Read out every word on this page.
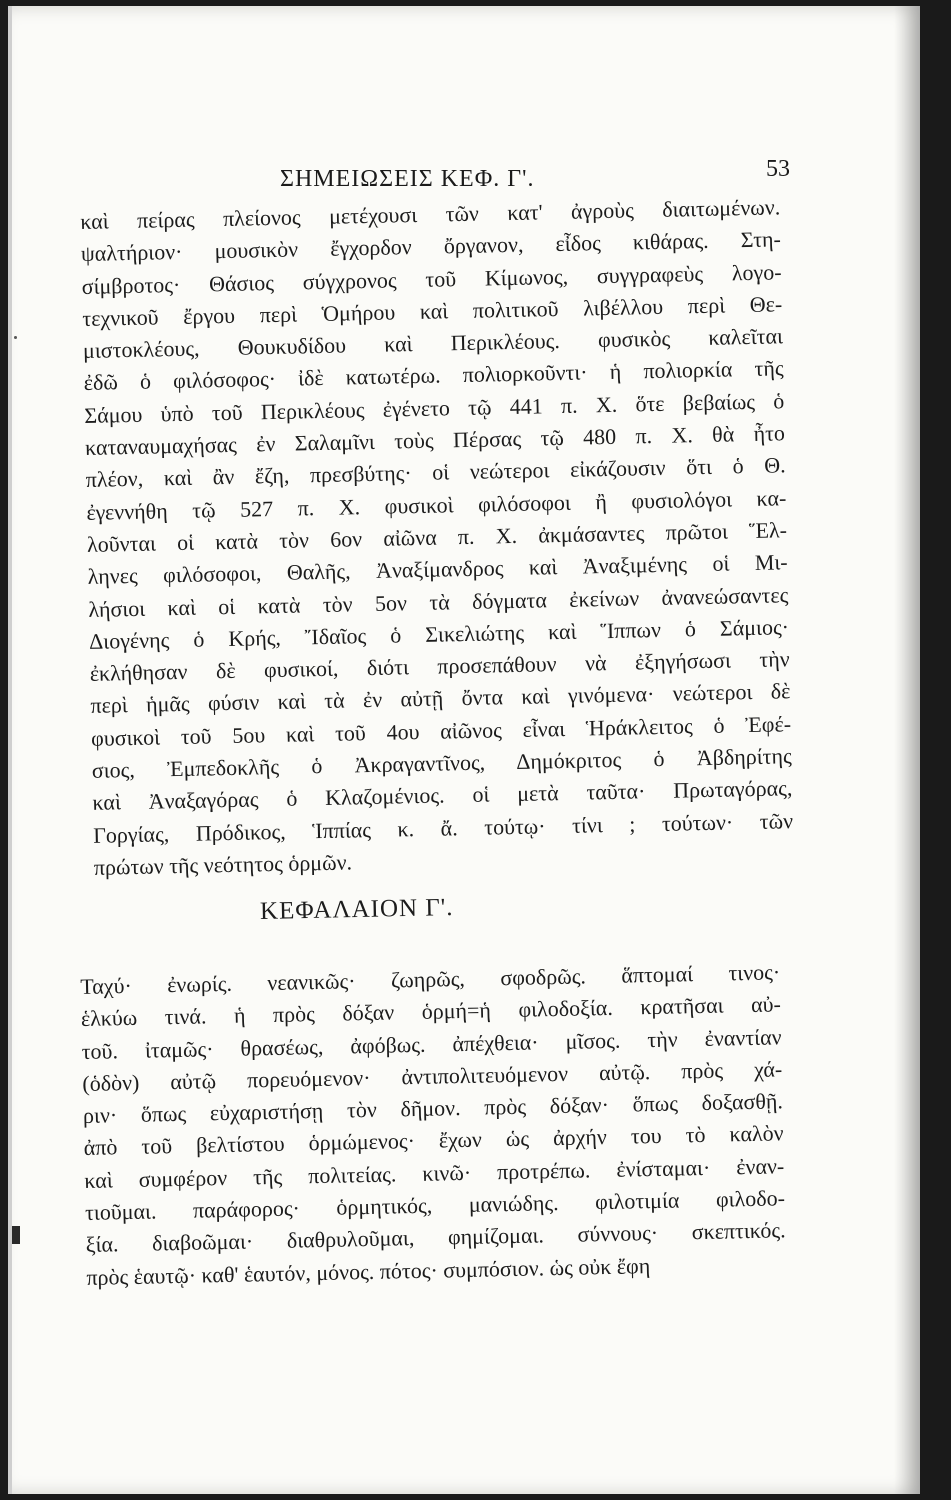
ΣΗΜΕΙΩΣΕΙΣ ΚΕΦ. Γ'.	53
καὶ πείρας πλείονος μετέχουσι τῶν κατ' ἀγροὺς διαιτωμένων.
ψαλτήριον· μουσικὸν ἔγχορδον ὄργανον, εἶδος κιθάρας. Στη-
σίμβροτος· Θάσιος σύγχρονος τοῦ Κίμωνος, συγγραφεὺς λογο-
τεχνικοῦ ἔργου περὶ Ὁμήρου καὶ πολιτικοῦ λιβέλλου περὶ Θε-
μιστοκλέους, Θουκυδίδου καὶ Περικλέους. φυσικὸς καλεῖται
ἐδῶ ὁ φιλόσοφος· ἰδὲ κατωτέρω. πολιορκοῦντι· ἡ πολιορκία τῆς
Σάμου ὑπὸ τοῦ Περικλέους ἐγένετο τῷ 441 π. Χ. ὅτε βεβαίως ὁ
καταναυμαχήσας ἐν Σαλαμῖνι τοὺς Πέρσας τῷ 480 π. Χ. θὰ ἦτο
πλέον, καὶ ἂν ἔζη, πρεσβύτης· οἱ νεώτεροι εἰκάζουσιν ὅτι ὁ Θ.
ἐγεννήθη τῷ 527 π. Χ. φυσικοὶ φιλόσοφοι ἢ φυσιολόγοι κα-
λοῦνται οἱ κατὰ τὸν 6ον αἰῶνα π. Χ. ἀκμάσαντες πρῶτοι Ἕλ-
ληνες φιλόσοφοι, Θαλῆς, Ἀναξίμανδρος καὶ Ἀναξιμένης οἱ Μι-
λήσιοι καὶ οἱ κατὰ τὸν 5ον τὰ δόγματα ἐκείνων ἀνανεώσαντες
Διογένης ὁ Κρής, Ἴδαῖος ὁ Σικελιώτης καὶ Ἵππων ὁ Σάμιος·
ἐκλήθησαν δὲ φυσικοί, διότι προσεπάθουν νὰ ἐξηγήσωσι τὴν
περὶ ἡμᾶς φύσιν καὶ τὰ ἐν αὐτῇ ὄντα καὶ γινόμενα· νεώτεροι δὲ
φυσικοὶ τοῦ 5ου καὶ τοῦ 4ου αἰῶνος εἶναι Ἡράκλειτος ὁ Ἐφέ-
σιος, Ἐμπεδοκλῆς ὁ Ἀκραγαντῖνος, Δημόκριτος ὁ Ἀβδηρίτης
καὶ Ἀναξαγόρας ὁ Κλαζομένιος. οἱ μετὰ ταῦτα· Πρωταγόρας,
Γοργίας, Πρόδικος, Ἱππίας κ. ἄ. τούτῳ· τίνι ; τούτων· τῶν
πρώτων τῆς νεότητος ὁρμῶν.
ΚΕΦΑΛΑΙΟΝ Γ'.
Ταχύ· ἐνωρίς. νεανικῶς· ζωηρῶς, σφοδρῶς. ἅπτομαί τινος·
ἑλκύω τινά. ἡ πρὸς δόξαν ὁρμή=ἡ φιλοδοξία. κρατῆσαι αὐ-
τοῦ. ἰταμῶς· θρασέως, ἀφόβως. ἀπέχθεια· μῖσος. τὴν ἐναντίαν
(ὁδὸν) αὐτῷ πορευόμενον· ἀντιπολιτευόμενον αὐτῷ. πρὸς χά-
ριν· ὅπως εὐχαριστήσῃ τὸν δῆμον. πρὸς δόξαν· ὅπως δοξασθῇ.
ἀπὸ τοῦ βελτίστου ὁρμώμενος· ἔχων ὡς ἀρχήν του τὸ καλὸν
καὶ συμφέρον τῆς πολιτείας. κινῶ· προτρέπω. ἐνίσταμαι· ἐναν-
τιοῦμαι. παράφορος· ὁρμητικός, μανιώδης. φιλοτιμία φιλοδο-
ξία. διαβοῶμαι· διαθρυλοῦμαι, φημίζομαι. σύννους· σκεπτικός.
πρὸς ἑαυτῷ· καθ' ἑαυτόν, μόνος. πότος· συμπόσιον. ὡς οὐκ ἔφη
